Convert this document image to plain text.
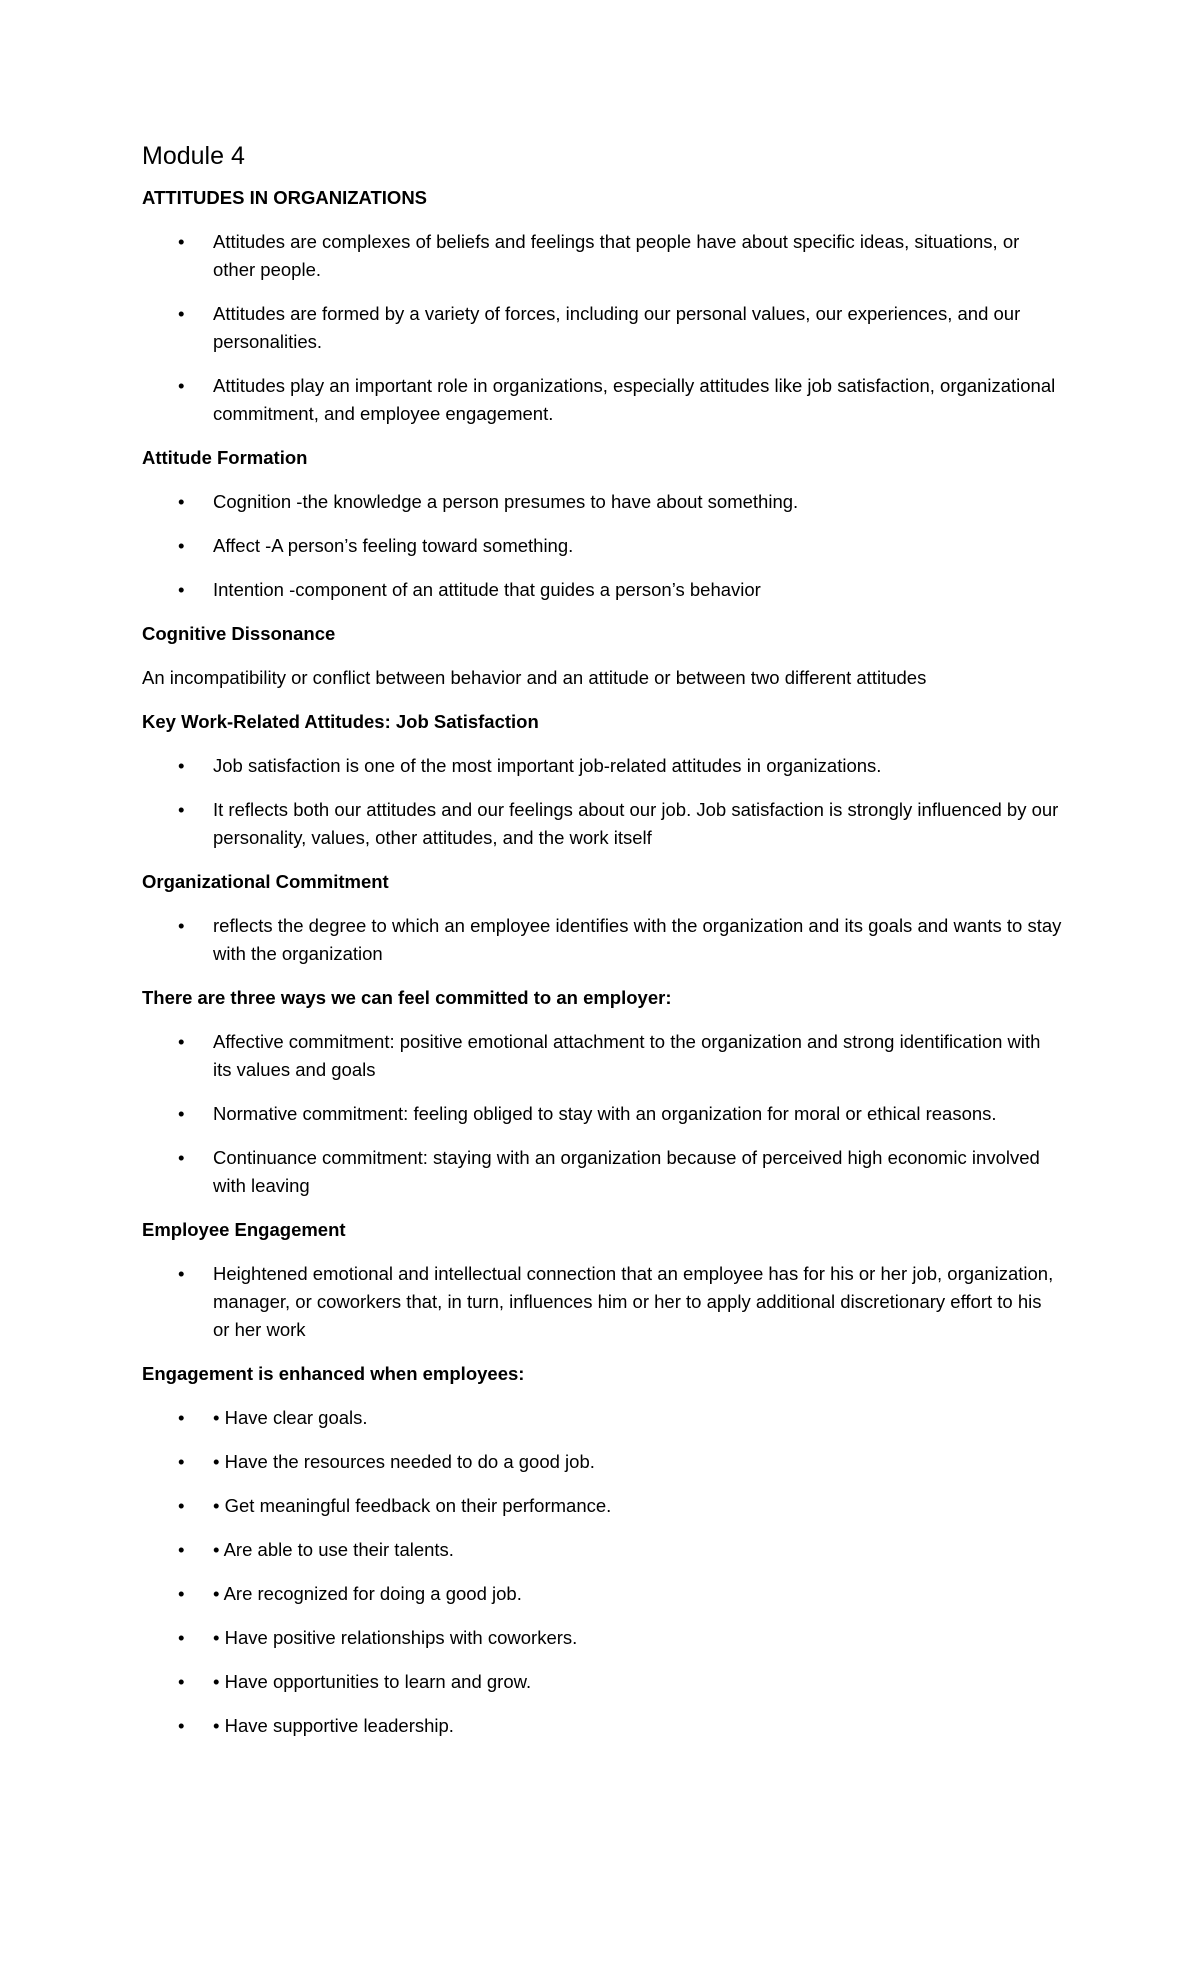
Module 4
ATTITUDES IN ORGANIZATIONS
• Attitudes are complexes of beliefs and feelings that people have about specific ideas, situations, or other people.
• Attitudes are formed by a variety of forces, including our personal values, our experiences, and our personalities.
• Attitudes play an important role in organizations, especially attitudes like job satisfaction, organizational commitment, and employee engagement.
Attitude Formation
• Cognition -the knowledge a person presumes to have about something.
• Affect -A person’s feeling toward something.
• Intention -component of an attitude that guides a person’s behavior
Cognitive Dissonance
An incompatibility or conflict between behavior and an attitude or between two different attitudes
Key Work-Related Attitudes: Job Satisfaction
• Job satisfaction is one of the most important job-related attitudes in organizations.
• It reflects both our attitudes and our feelings about our job. Job satisfaction is strongly influenced by our personality, values, other attitudes, and the work itself
Organizational Commitment
• reflects the degree to which an employee identifies with the organization and its goals and wants to stay with the organization
There are three ways we can feel committed to an employer:
• Affective commitment: positive emotional attachment to the organization and strong identification with its values and goals
• Normative commitment: feeling obliged to stay with an organization for moral or ethical reasons.
• Continuance commitment: staying with an organization because of perceived high economic involved with leaving
Employee Engagement
• Heightened emotional and intellectual connection that an employee has for his or her job, organization, manager, or coworkers that, in turn, influences him or her to apply additional discretionary effort to his or her work
Engagement is enhanced when employees:
• • Have clear goals.
• • Have the resources needed to do a good job.
• • Get meaningful feedback on their performance.
• • Are able to use their talents.
• • Are recognized for doing a good job.
• • Have positive relationships with coworkers.
• • Have opportunities to learn and grow.
• • Have supportive leadership.
